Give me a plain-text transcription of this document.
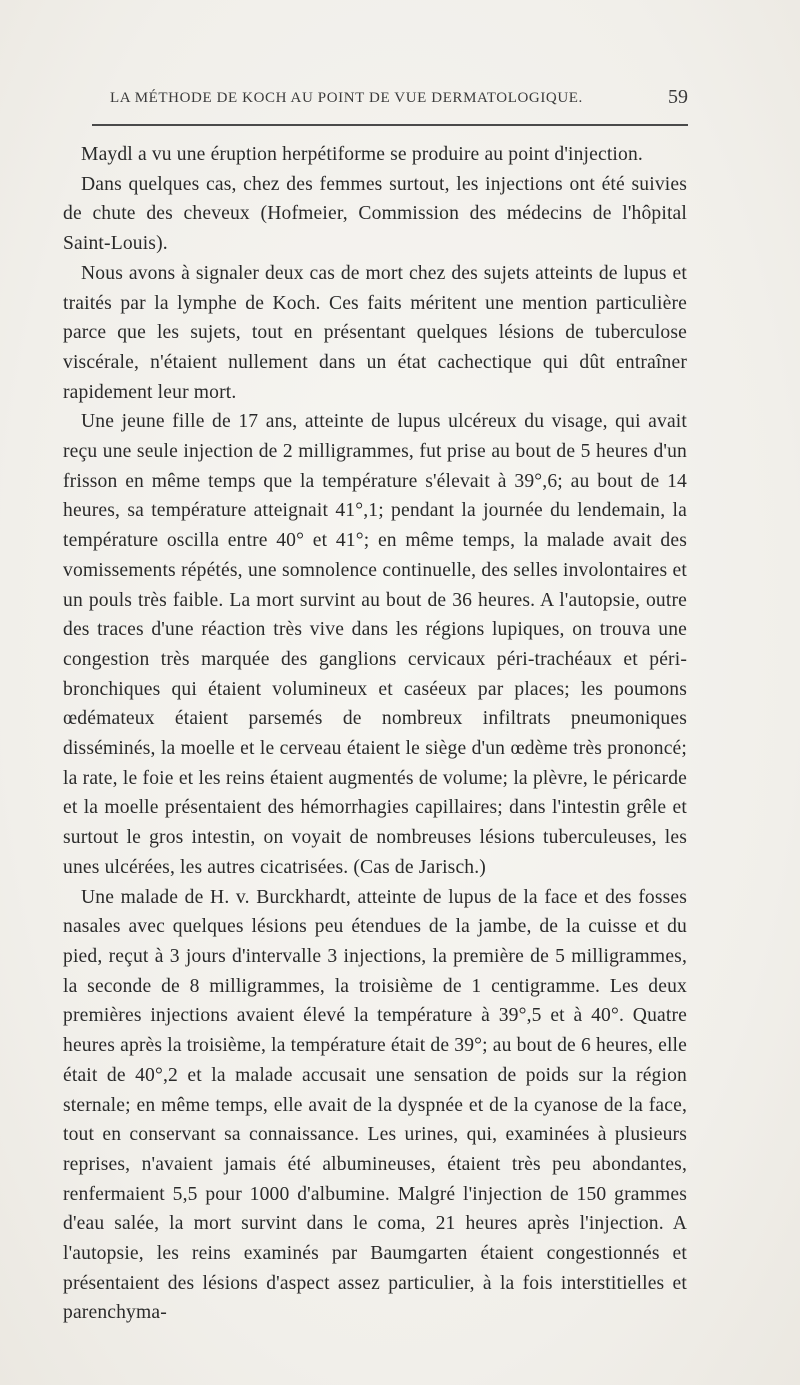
LA MÉTHODE DE KOCH AU POINT DE VUE DERMATOLOGIQUE.	59

Maydl a vu une éruption herpétiforme se produire au point d'injection.

Dans quelques cas, chez des femmes surtout, les injections ont été suivies de chute des cheveux (Hofmeier, Commission des médecins de l'hôpital Saint-Louis).

Nous avons à signaler deux cas de mort chez des sujets atteints de lupus et traités par la lymphe de Koch. Ces faits méritent une mention particulière parce que les sujets, tout en présentant quelques lésions de tuberculose viscérale, n'étaient nullement dans un état cachectique qui dût entraîner rapidement leur mort.

Une jeune fille de 17 ans, atteinte de lupus ulcéreux du visage, qui avait reçu une seule injection de 2 milligrammes, fut prise au bout de 5 heures d'un frisson en même temps que la température s'élevait à 39°,6; au bout de 14 heures, sa température atteignait 41°,1; pendant la journée du lendemain, la température oscilla entre 40° et 41°; en même temps, la malade avait des vomissements répétés, une somnolence continuelle, des selles involontaires et un pouls très faible. La mort survint au bout de 36 heures. A l'autopsie, outre des traces d'une réaction très vive dans les régions lupiques, on trouva une congestion très marquée des ganglions cervicaux péri-trachéaux et péri-bronchiques qui étaient volumineux et caséeux par places; les poumons œdémateux étaient parsemés de nombreux infiltrats pneumoniques disséminés, la moelle et le cerveau étaient le siège d'un œdème très prononcé; la rate, le foie et les reins étaient augmentés de volume; la plèvre, le péricarde et la moelle présentaient des hémorrhagies capillaires; dans l'intestin grêle et surtout le gros intestin, on voyait de nombreuses lésions tuberculeuses, les unes ulcérées, les autres cicatrisées. (Cas de Jarisch.)

Une malade de H. v. Burckhardt, atteinte de lupus de la face et des fosses nasales avec quelques lésions peu étendues de la jambe, de la cuisse et du pied, reçut à 3 jours d'intervalle 3 injections, la première de 5 milligrammes, la seconde de 8 milligrammes, la troisième de 1 centigramme. Les deux premières injections avaient élevé la température à 39°,5 et à 40°. Quatre heures après la troisième, la température était de 39°; au bout de 6 heures, elle était de 40°,2 et la malade accusait une sensation de poids sur la région sternale; en même temps, elle avait de la dyspnée et de la cyanose de la face, tout en conservant sa connaissance. Les urines, qui, examinées à plusieurs reprises, n'avaient jamais été albumineuses, étaient très peu abondantes, renfermaient 5,5 pour 1000 d'albumine. Malgré l'injection de 150 grammes d'eau salée, la mort survint dans le coma, 21 heures après l'injection. A l'autopsie, les reins examinés par Baumgarten étaient congestionnés et présentaient des lésions d'aspect assez particulier, à la fois interstitielles et parenchyma-
